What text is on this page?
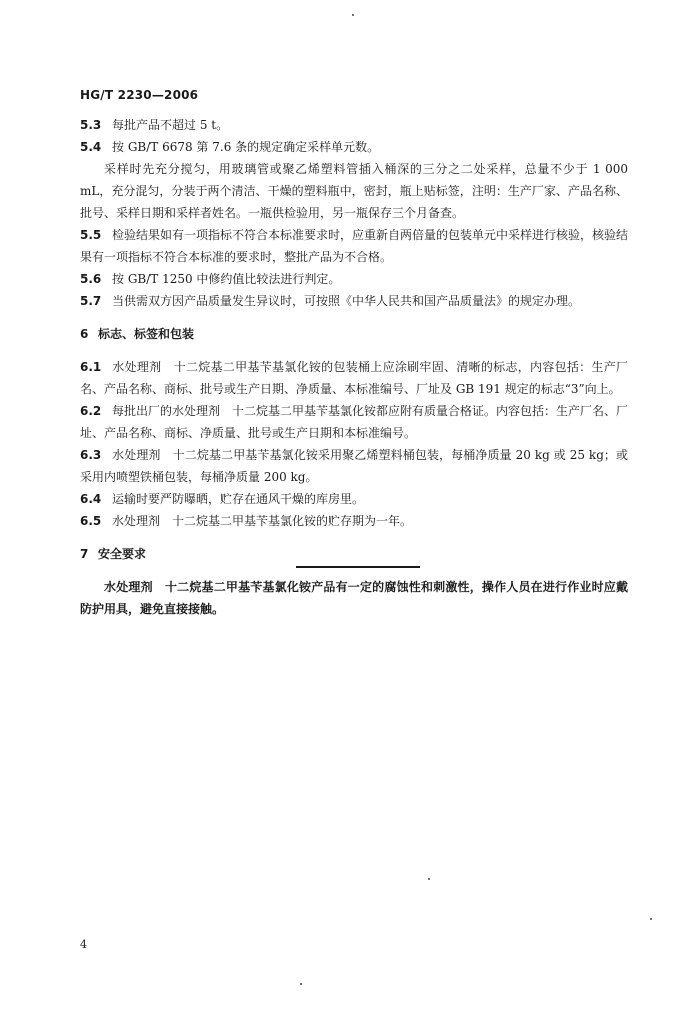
HG/T 2230—2006

5.3 每批产品不超过 5 t。

5.4 按 GB/T 6678 第 7.6 条的规定确定采样单元数。

采样时先充分搅匀，用玻璃管或聚乙烯塑料管插入桶深的三分之二处采样，总量不少于 1 000 mL，充分混匀，分装于两个清洁、干燥的塑料瓶中，密封，瓶上贴标签，注明：生产厂家、产品名称、批号、采样日期和采样者姓名。一瓶供检验用，另一瓶保存三个月备查。

5.5 检验结果如有一项指标不符合本标准要求时，应重新自两倍量的包装单元中采样进行核验，核验结果有一项指标不符合本标准的要求时，整批产品为不合格。

5.6 按 GB/T 1250 中修约值比较法进行判定。

5.7 当供需双方因产品质量发生异议时，可按照《中华人民共和国产品质量法》的规定办理。

6 标志、标签和包装

6.1 水处理剂　十二烷基二甲基苄基氯化铵的包装桶上应涂刷牢固、清晰的标志，内容包括：生产厂名、产品名称、商标、批号或生产日期、净质量、本标准编号、厂址及 GB 191 规定的标志“3”向上。

6.2 每批出厂的水处理剂　十二烷基二甲基苄基氯化铵都应附有质量合格证。内容包括：生产厂名、厂址、产品名称、商标、净质量、批号或生产日期和本标准编号。

6.3 水处理剂　十二烷基二甲基苄基氯化铵采用聚乙烯塑料桶包装，每桶净质量 20 kg 或 25 kg；或采用内喷塑铁桶包装，每桶净质量 200 kg。

6.4 运输时要严防曝晒，贮存在通风干燥的库房里。

6.5 水处理剂　十二烷基二甲基苄基氯化铵的贮存期为一年。

7 安全要求

水处理剂　十二烷基二甲基苄基氯化铵产品有一定的腐蚀性和刺激性，操作人员在进行作业时应戴防护用具，避免直接接触。

4
